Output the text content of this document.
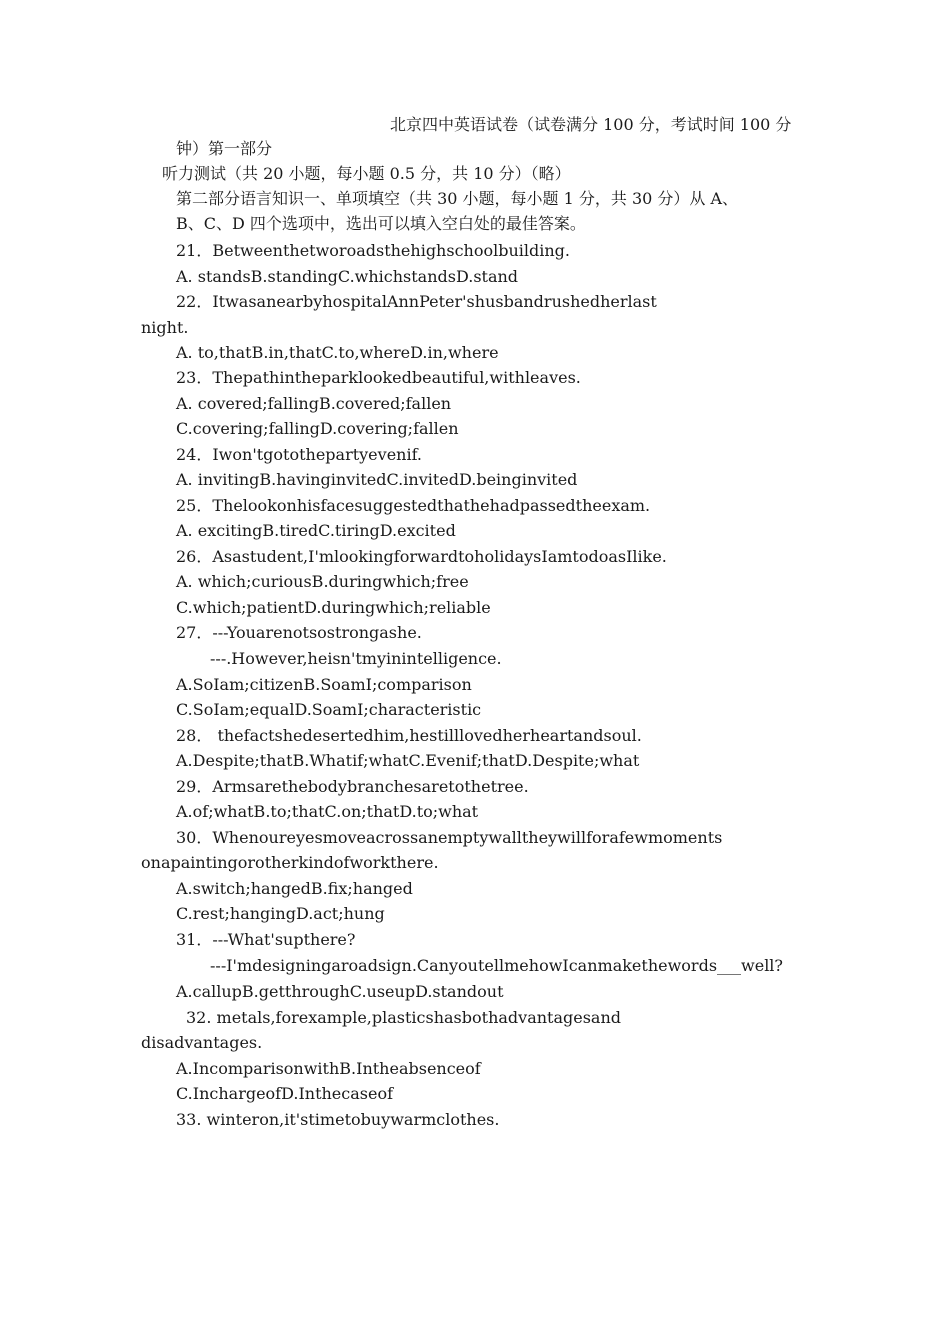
北京四中英语试卷（试卷满分 100 分，考试时间 100 分
钟）第一部分
听力测试（共 20 小题，每小题 0.5 分，共 10 分）（略）
第二部分语言知识一、单项填空（共 30 小题，每小题 1 分，共 30 分）从 A、
B、C、D 四个选项中，选出可以填入空白处的最佳答案。
21．Betweenthetworoadsthehighschoolbuilding.
A. standsB.standingC.whichstandsD.stand
22．ItwasanearbyhospitalAnnPeter'shusbandrushedherlast
night.
A. to,thatB.in,thatC.to,whereD.in,where
23．Thepathintheparklookedbeautiful,withleaves.
A. covered;fallingB.covered;fallen
C.covering;fallingD.covering;fallen
24．Iwon'tgotothepartyevenif.
A. invitingB.havinginvitedC.invitedD.beinginvited
25．Thelookonhisfacesuggestedthathehadpassedtheexam.
A. excitingB.tiredC.tiringD.excited
26．Asastudent,I'mlookingforwardtoholidaysIamtodoasIlike.
A. which;curiousB.duringwhich;free
C.which;patientD.duringwhich;reliable
27．---Youarenotsostrongashe.
---.However,heisn'tmyinintelligence.
A.SoIam;citizenB.SoamI;comparison
C.SoIam;equalD.SoamI;characteristic
28． thefactshedesertedhim,hestilllovedherheartandsoul.
A.Despite;thatB.Whatif;whatC.Evenif;thatD.Despite;what
29．Armsarethebodybranchesaretothetree.
A.of;whatB.to;thatC.on;thatD.to;what
30．Whenoureyesmoveacrossanemptywalltheywillforafewmoments
onapaintingorotherkindofworkthere.
A.switch;hangedB.fix;hanged
C.rest;hangingD.act;hung
31．---What'supthere?
---I'mdesigningaroadsign.CanyoutellmehowIcanmakethewords___well?
A.callupB.getthroughC.useupD.standout
32. metals,forexample,plasticshasbothadvantagesand
disadvantages.
A.IncomparisonwithB.Intheabsenceof
C.InchargeofD.Inthecaseof
33. winteron,it'stimetobuywarmclothes.
